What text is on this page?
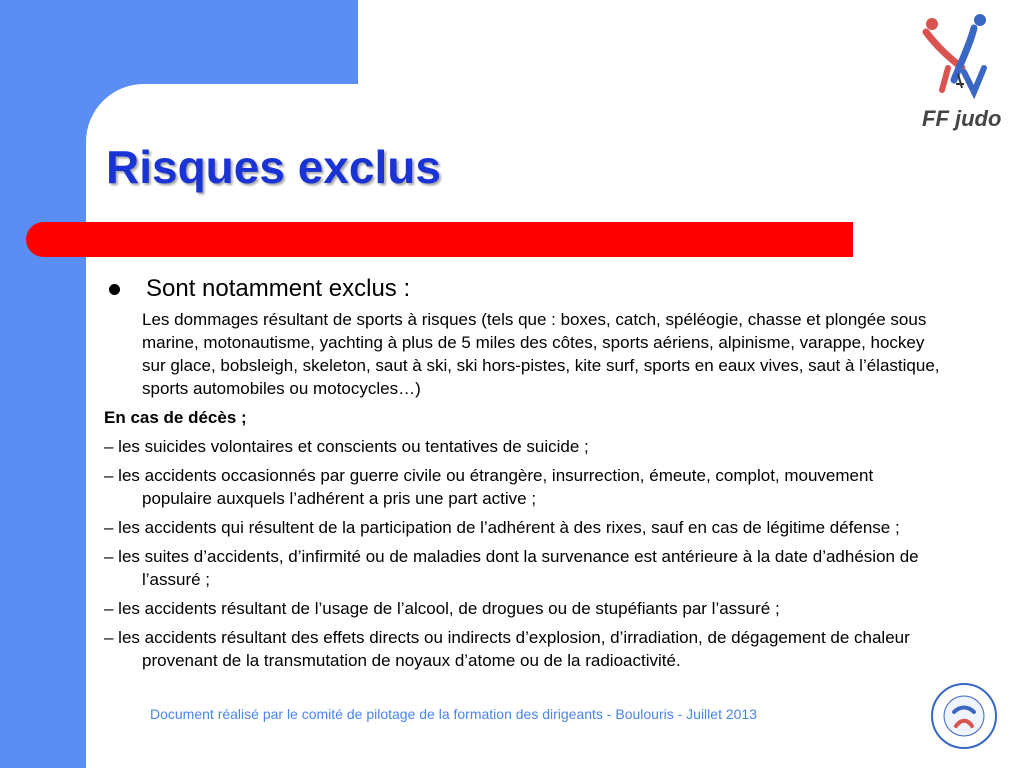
Risques exclus
FF judo
Sont notamment exclus :
Les dommages résultant de sports à risques (tels que : boxes, catch, spéléogie, chasse et plongée sous marine, motonautisme, yachting à plus de 5 miles des côtes, sports aériens, alpinisme, varappe, hockey sur glace, bobsleigh, skeleton, saut à ski, ski hors-pistes, kite surf, sports en eaux vives, saut à l’élastique, sports automobiles ou motocycles…)
En cas de décès ;
– les suicides volontaires et conscients ou tentatives de suicide ;
– les accidents occasionnés par guerre civile ou étrangère, insurrection, émeute, complot, mouvement populaire auxquels l’adhérent a pris une part active ;
– les accidents qui résultent de la participation de l’adhérent à des rixes, sauf en cas de légitime défense ;
– les suites d’accidents, d’infirmité ou de maladies dont la survenance est antérieure à la date d’adhésion de l’assuré ;
– les accidents résultant de l’usage de l’alcool, de drogues ou de stupéfiants par l’assuré ;
– les accidents résultant des effets directs ou indirects d’explosion, d’irradiation, de dégagement de chaleur provenant de la transmutation de noyaux d’atome ou de la radioactivité.
Document réalisé par le comité de pilotage de la formation des dirigeants - Boulouris - Juillet 2013
